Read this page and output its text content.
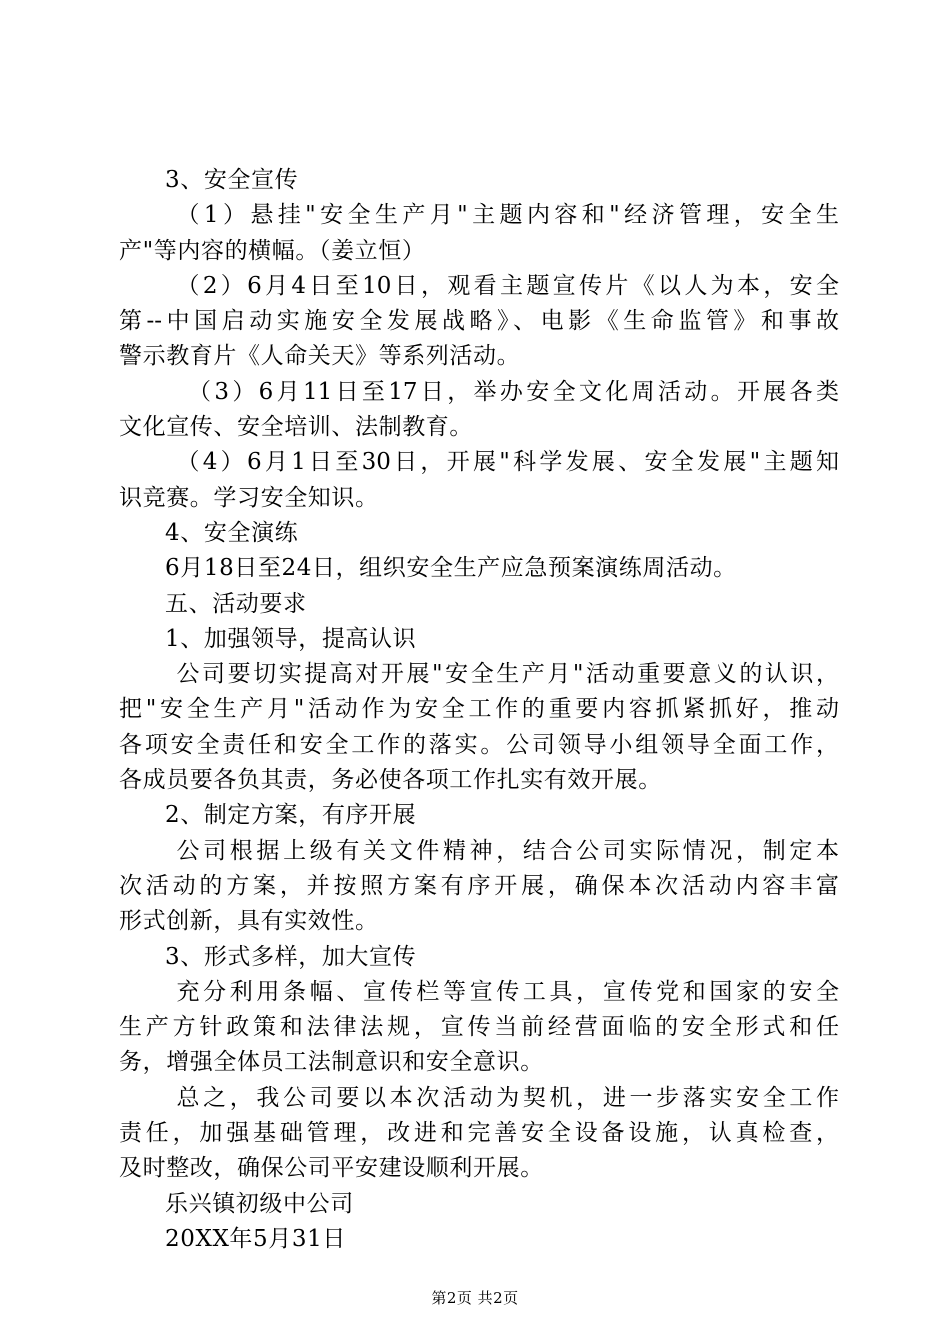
3、安全宣传
（1）悬挂"安全生产月"主题内容和"经济管理，安全生
产"等内容的横幅。（姜立恒）
（2）6月4日至10日，观看主题宣传片《以人为本，安全
第--中国启动实施安全发展战略》、电影《生命监管》和事故
警示教育片《人命关天》等系列活动。
（3）6月11日至17日，举办安全文化周活动。开展各类
文化宣传、安全培训、法制教育。
（4）6月1日至30日，开展"科学发展、安全发展"主题知
识竞赛。学习安全知识。
4、安全演练
6月18日至24日，组织安全生产应急预案演练周活动。
五、活动要求
1、加强领导，提高认识
公司要切实提高对开展"安全生产月"活动重要意义的认识，
把"安全生产月"活动作为安全工作的重要内容抓紧抓好，推动
各项安全责任和安全工作的落实。公司领导小组领导全面工作，
各成员要各负其责，务必使各项工作扎实有效开展。
2、制定方案，有序开展
公司根据上级有关文件精神，结合公司实际情况，制定本
次活动的方案，并按照方案有序开展，确保本次活动内容丰富
形式创新，具有实效性。
3、形式多样，加大宣传
充分利用条幅、宣传栏等宣传工具，宣传党和国家的安全
生产方针政策和法律法规，宣传当前经营面临的安全形式和任
务，增强全体员工法制意识和安全意识。
总之，我公司要以本次活动为契机，进一步落实安全工作
责任，加强基础管理，改进和完善安全设备设施，认真检查，
及时整改，确保公司平安建设顺利开展。
乐兴镇初级中公司
20XX年5月31日
第2页 共2页
